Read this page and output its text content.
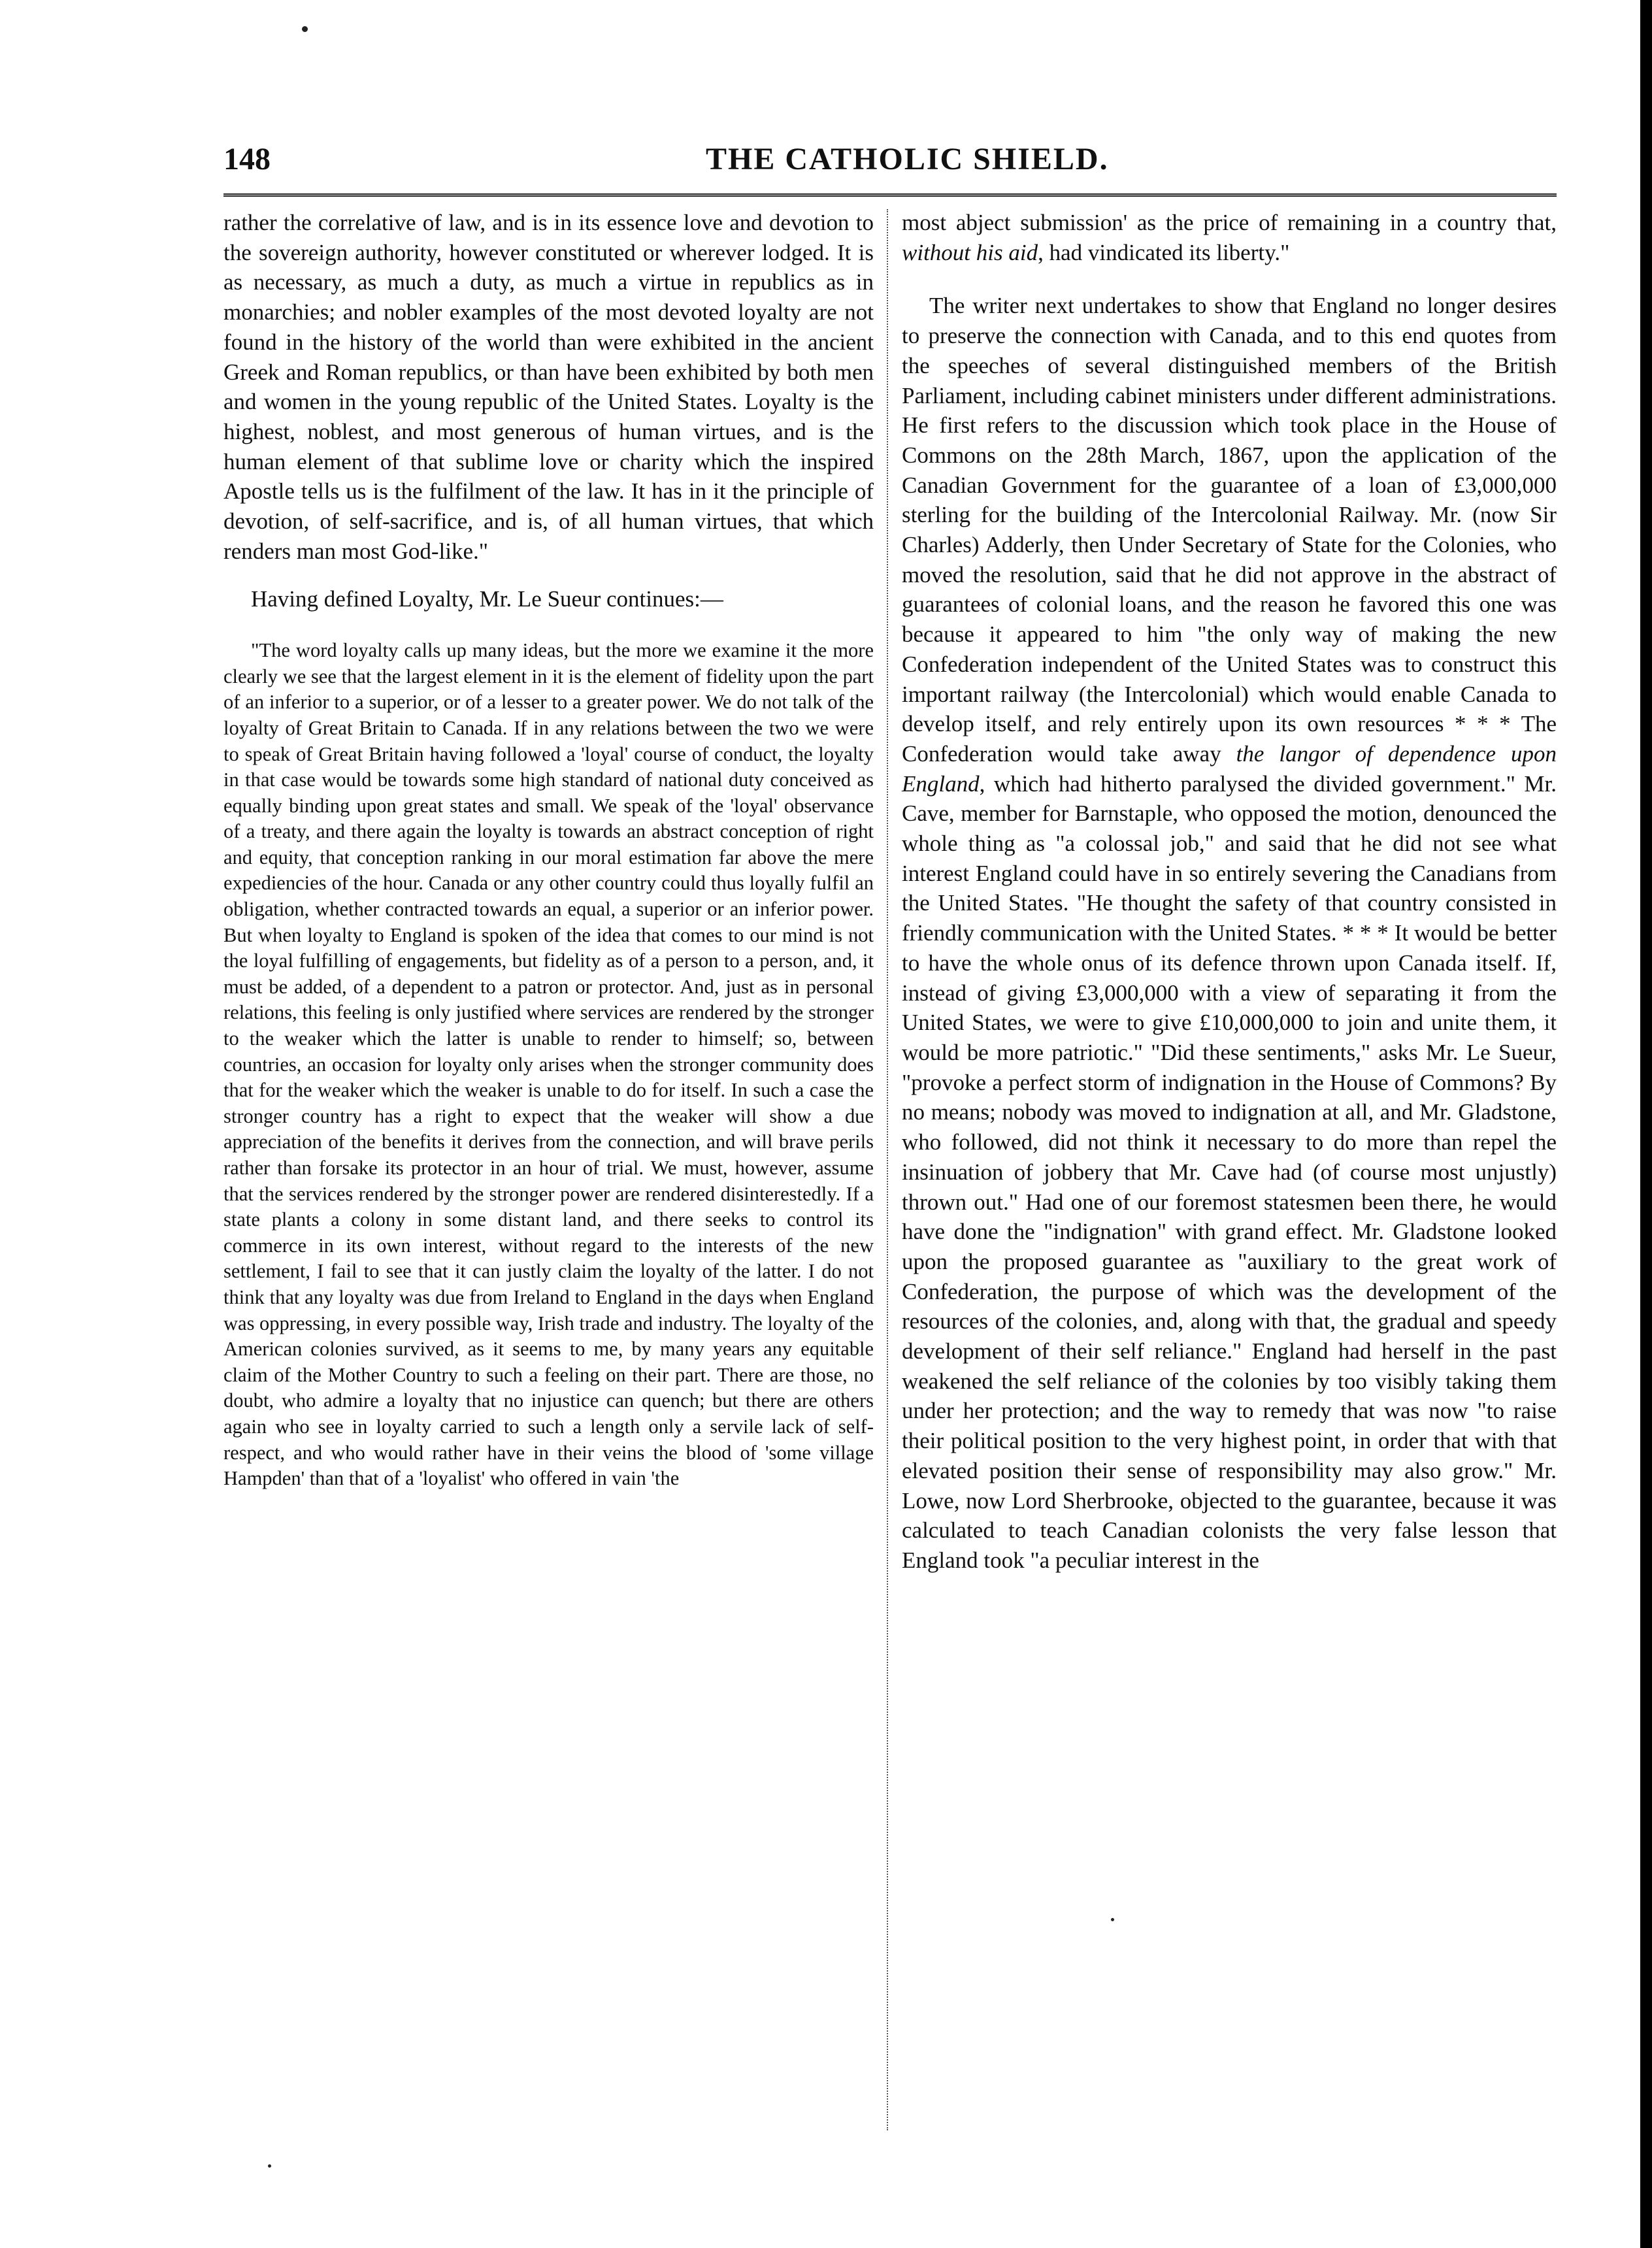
148	THE CATHOLIC SHIELD.

rather the correlative of law, and is in its essence love and devotion to the sovereign authority, however constituted or wherever lodged. It is as necessary, as much a duty, as much a virtue in republics as in monarchies; and nobler examples of the most devoted loyalty are not found in the history of the world than were exhibited in the ancient Greek and Roman republics, or than have been exhibited by both men and women in the young republic of the United States. Loyalty is the highest, noblest, and most generous of human virtues, and is the human element of that sublime love or charity which the inspired Apostle tells us is the fulfilment of the law. It has in it the principle of devotion, of self-sacrifice, and is, of all human virtues, that which renders man most God-like."

Having defined Loyalty, Mr. Le Sueur continues:—

"The word loyalty calls up many ideas, but the more we examine it the more clearly we see that the largest element in it is the element of fidelity upon the part of an inferior to a superior, or of a lesser to a greater power. We do not talk of the loyalty of Great Britain to Canada. If in any relations between the two we were to speak of Great Britain having followed a 'loyal' course of conduct, the loyalty in that case would be towards some high standard of national duty conceived as equally binding upon great states and small. We speak of the 'loyal' observance of a treaty, and there again the loyalty is towards an abstract conception of right and equity, that conception ranking in our moral estimation far above the mere expediencies of the hour. Canada or any other country could thus loyally fulfil an obligation, whether contracted towards an equal, a superior or an inferior power. But when loyalty to England is spoken of the idea that comes to our mind is not the loyal fulfilling of engagements, but fidelity as of a person to a person, and, it must be added, of a dependent to a patron or protector. And, just as in personal relations, this feeling is only justified where services are rendered by the stronger to the weaker which the latter is unable to render to himself; so, between countries, an occasion for loyalty only arises when the stronger community does that for the weaker which the weaker is unable to do for itself. In such a case the stronger country has a right to expect that the weaker will show a due appreciation of the benefits it derives from the connection, and will brave perils rather than forsake its protector in an hour of trial. We must, however, assume that the services rendered by the stronger power are rendered disinterestedly. If a state plants a colony in some distant land, and there seeks to control its commerce in its own interest, without regard to the interests of the new settlement, I fail to see that it can justly claim the loyalty of the latter. I do not think that any loyalty was due from Ireland to England in the days when England was oppressing, in every possible way, Irish trade and industry. The loyalty of the American colonies survived, as it seems to me, by many years any equitable claim of the Mother Country to such a feeling on their part. There are those, no doubt, who admire a loyalty that no injustice can quench; but there are others again who see in loyalty carried to such a length only a servile lack of self-respect, and who would rather have in their veins the blood of 'some village Hampden' than that of a 'loyalist' who offered in vain 'the

most abject submission' as the price of remaining in a country that, without his aid, had vindicated its liberty."

The writer next undertakes to show that England no longer desires to preserve the connection with Canada, and to this end quotes from the speeches of several distinguished members of the British Parliament, including cabinet ministers under different administrations. He first refers to the discussion which took place in the House of Commons on the 28th March, 1867, upon the application of the Canadian Government for the guarantee of a loan of £3,000,000 sterling for the building of the Intercolonial Railway. Mr. (now Sir Charles) Adderly, then Under Secretary of State for the Colonies, who moved the resolution, said that he did not approve in the abstract of guarantees of colonial loans, and the reason he favored this one was because it appeared to him "the only way of making the new Confederation independent of the United States was to construct this important railway (the Intercolonial) which would enable Canada to develop itself, and rely entirely upon its own resources * * * The Confederation would take away the langor of dependence upon England, which had hitherto paralysed the divided government." Mr. Cave, member for Barnstaple, who opposed the motion, denounced the whole thing as "a colossal job," and said that he did not see what interest England could have in so entirely severing the Canadians from the United States. "He thought the safety of that country consisted in friendly communication with the United States. * * * It would be better to have the whole onus of its defence thrown upon Canada itself. If, instead of giving £3,000,000 with a view of separating it from the United States, we were to give £10,000,000 to join and unite them, it would be more patriotic." "Did these sentiments," asks Mr. Le Sueur, "provoke a perfect storm of indignation in the House of Commons? By no means; nobody was moved to indignation at all, and Mr. Gladstone, who followed, did not think it necessary to do more than repel the insinuation of jobbery that Mr. Cave had (of course most unjustly) thrown out." Had one of our foremost statesmen been there, he would have done the "indignation" with grand effect. Mr. Gladstone looked upon the proposed guarantee as "auxiliary to the great work of Confederation, the purpose of which was the development of the resources of the colonies, and, along with that, the gradual and speedy development of their self reliance." England had herself in the past weakened the self reliance of the colonies by too visibly taking them under her protection; and the way to remedy that was now "to raise their political position to the very highest point, in order that with that elevated position their sense of responsibility may also grow." Mr. Lowe, now Lord Sherbrooke, objected to the guarantee, because it was calculated to teach Canadian colonists the very false lesson that England took "a peculiar interest in the
